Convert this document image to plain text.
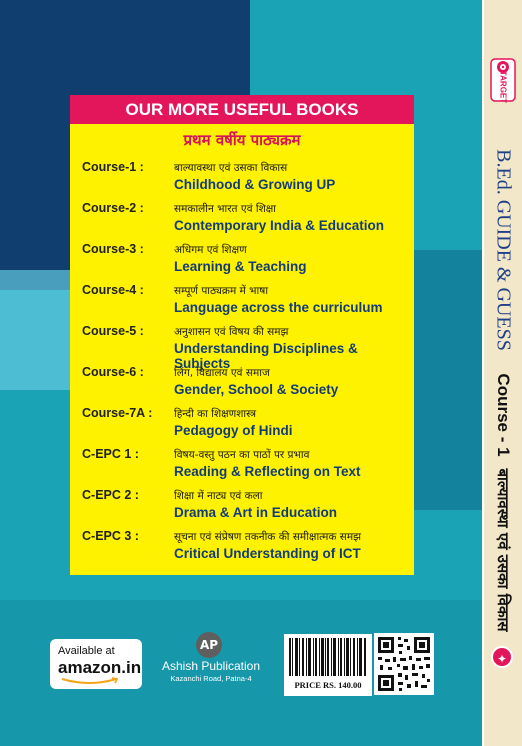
OUR MORE USEFUL BOOKS
प्रथम वर्षीय पाठ्यक्रम
Course-1 :	बाल्यावस्था एवं उसका विकास
Childhood & Growing UP
Course-2 :	समकालीन भारत एवं शिक्षा
Contemporary India & Education
Course-3 :	अधिगम एवं शिक्षण
Learning & Teaching
Course-4 :	सम्पूर्ण पाठ्यक्रम में भाषा
Language across the curriculum
Course-5 :	अनुशासन एवं विषय की समझ
Understanding Disciplines & Subjects
Course-6 :	लिंग, विद्यालय एवं समाज
Gender, School & Society
Course-7A : हिन्दी का शिक्षणशास्त्र
Pedagogy of Hindi
C-EPC 1 :	विषय-वस्तु पठन का पाठों पर प्रभाव
Reading & Reflecting on Text
C-EPC 2 :	शिक्षा में नाट्य एवं कला
Drama & Art in Education
C-EPC 3 :	सूचना एवं संप्रेषण तकनीक की समीक्षात्मक समझ
Critical Understanding of ICT
TARGET
B.Ed. GUIDE & GUESS
Course - 1
बाल्यावस्था एवं उसका विकास
✦
Available at
amazon.in
AP
Ashish Publication
Kazanchi Road, Patna-4
PRICE RS. 140.00
